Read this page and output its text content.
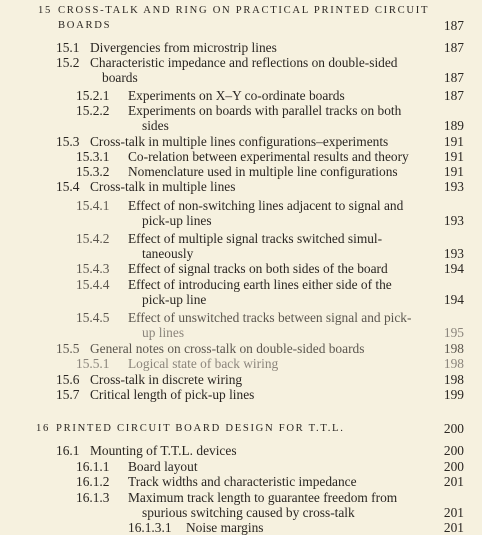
15 CROSS-TALK AND RING ON PRACTICAL PRINTED CIRCUIT
BOARDS	187
15.1 Divergencies from microstrip lines	187
15.2 Characteristic impedance and reflections on double-sided
boards	187
15.2.1 Experiments on X–Y co-ordinate boards	187
15.2.2 Experiments on boards with parallel tracks on both
sides	189
15.3 Cross-talk in multiple lines configurations–experiments	191
15.3.1 Co-relation between experimental results and theory	191
15.3.2 Nomenclature used in multiple line configurations	191
15.4 Cross-talk in multiple lines	193
15.4.1 Effect of non-switching lines adjacent to signal and
pick-up lines	193
15.4.2 Effect of multiple signal tracks switched simul-
taneously	193
15.4.3 Effect of signal tracks on both sides of the board	194
15.4.4 Effect of introducing earth lines either side of the
pick-up line	194
15.4.5 Effect of unswitched tracks between signal and pick-
up lines	195
15.5 General notes on cross-talk on double-sided boards	198
15.5.1 Logical state of back wiring	198
15.6 Cross-talk in discrete wiring	198
15.7 Critical length of pick-up lines	199
16 PRINTED CIRCUIT BOARD DESIGN FOR T.T.L.	200
16.1 Mounting of T.T.L. devices	200
16.1.1 Board layout	200
16.1.2 Track widths and characteristic impedance	201
16.1.3 Maximum track length to guarantee freedom from
spurious switching caused by cross-talk	201
16.1.3.1 Noise margins	201
